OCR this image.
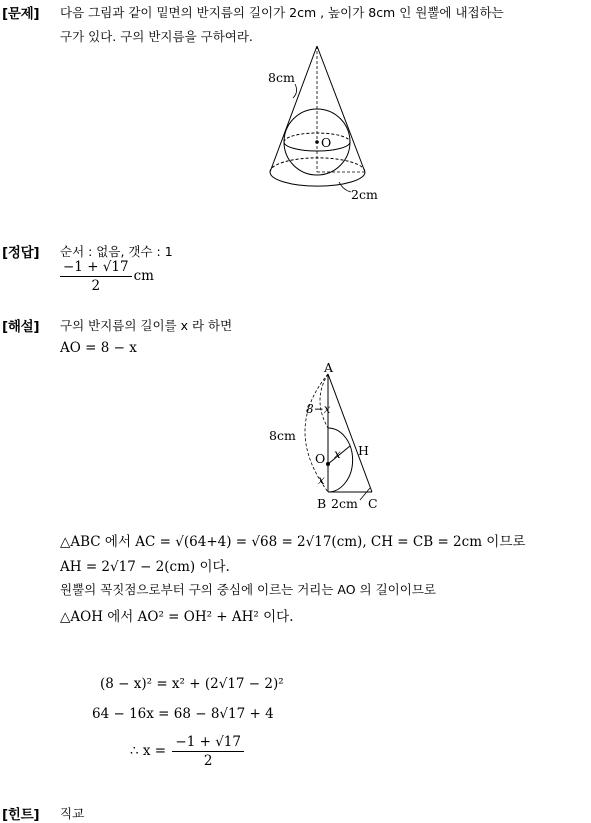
[문제] 다음 그림과 같이 밑면의 반지름의 길이가 2cm , 높이가 8cm 인 원뿔에 내접하는
구가 있다. 구의 반지름을 구하여라.
8cm
O
2cm
[정답] 순서 : 없음, 갯수 : 1
$\frac{-1 + √17}{2}$ cm
[해설] 구의 반지름의 길이를 x 라 하면
AO = 8 − x
A
B	C
H
O
8−x
8cm
x
x
2cm
△ABC 에서 AC = √(64+4) = √68 = 2√17(cm), CH = CB = 2cm 이므로
AH = 2√17 − 2(cm) 이다.
원뿔의 꼭짓점으로부터 구의 중심에 이르는 거리는 AO 의 길이이므로
△AOH 에서 AO² = OH² + AH² 이다.
(8 − x)² = x² + (2√17 − 2)²
64 − 16x = 68 − 8√17 + 4
∴ $x = \frac{-1 + √17}{2}$
[힌트] 직교
